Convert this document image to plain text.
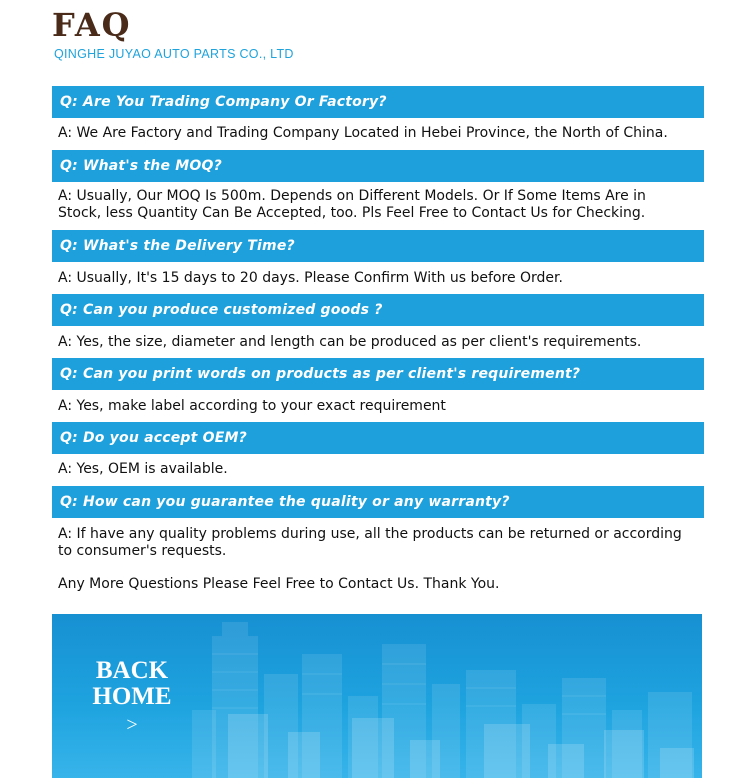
FAQ
QINGHE JUYAO AUTO PARTS CO., LTD
Q: Are You Trading Company Or Factory?
A: We Are Factory and Trading Company Located in Hebei Province, the North of China.
Q: What's the MOQ?
A: Usually, Our MOQ Is 500m. Depends on Different Models. Or If Some Items Are in
Stock, less Quantity Can Be Accepted, too. Pls Feel Free to Contact Us for Checking.
Q: What's the Delivery Time?
A: Usually, It's 15 days to 20 days. Please Confirm With us before Order.
Q: Can you produce customized goods ?
A: Yes, the size, diameter and length can be produced as per client's requirements.
Q: Can you print words on products as per client's requirement?
A: Yes, make label according to your exact requirement
Q: Do you accept OEM?
A: Yes, OEM is available.
Q: How can you guarantee the quality or any warranty?
A: If have any quality problems during use, all the products can be returned or according
to consumer's requests.
Any More Questions Please Feel Free to Contact Us. Thank You.
BACK
HOME
>
